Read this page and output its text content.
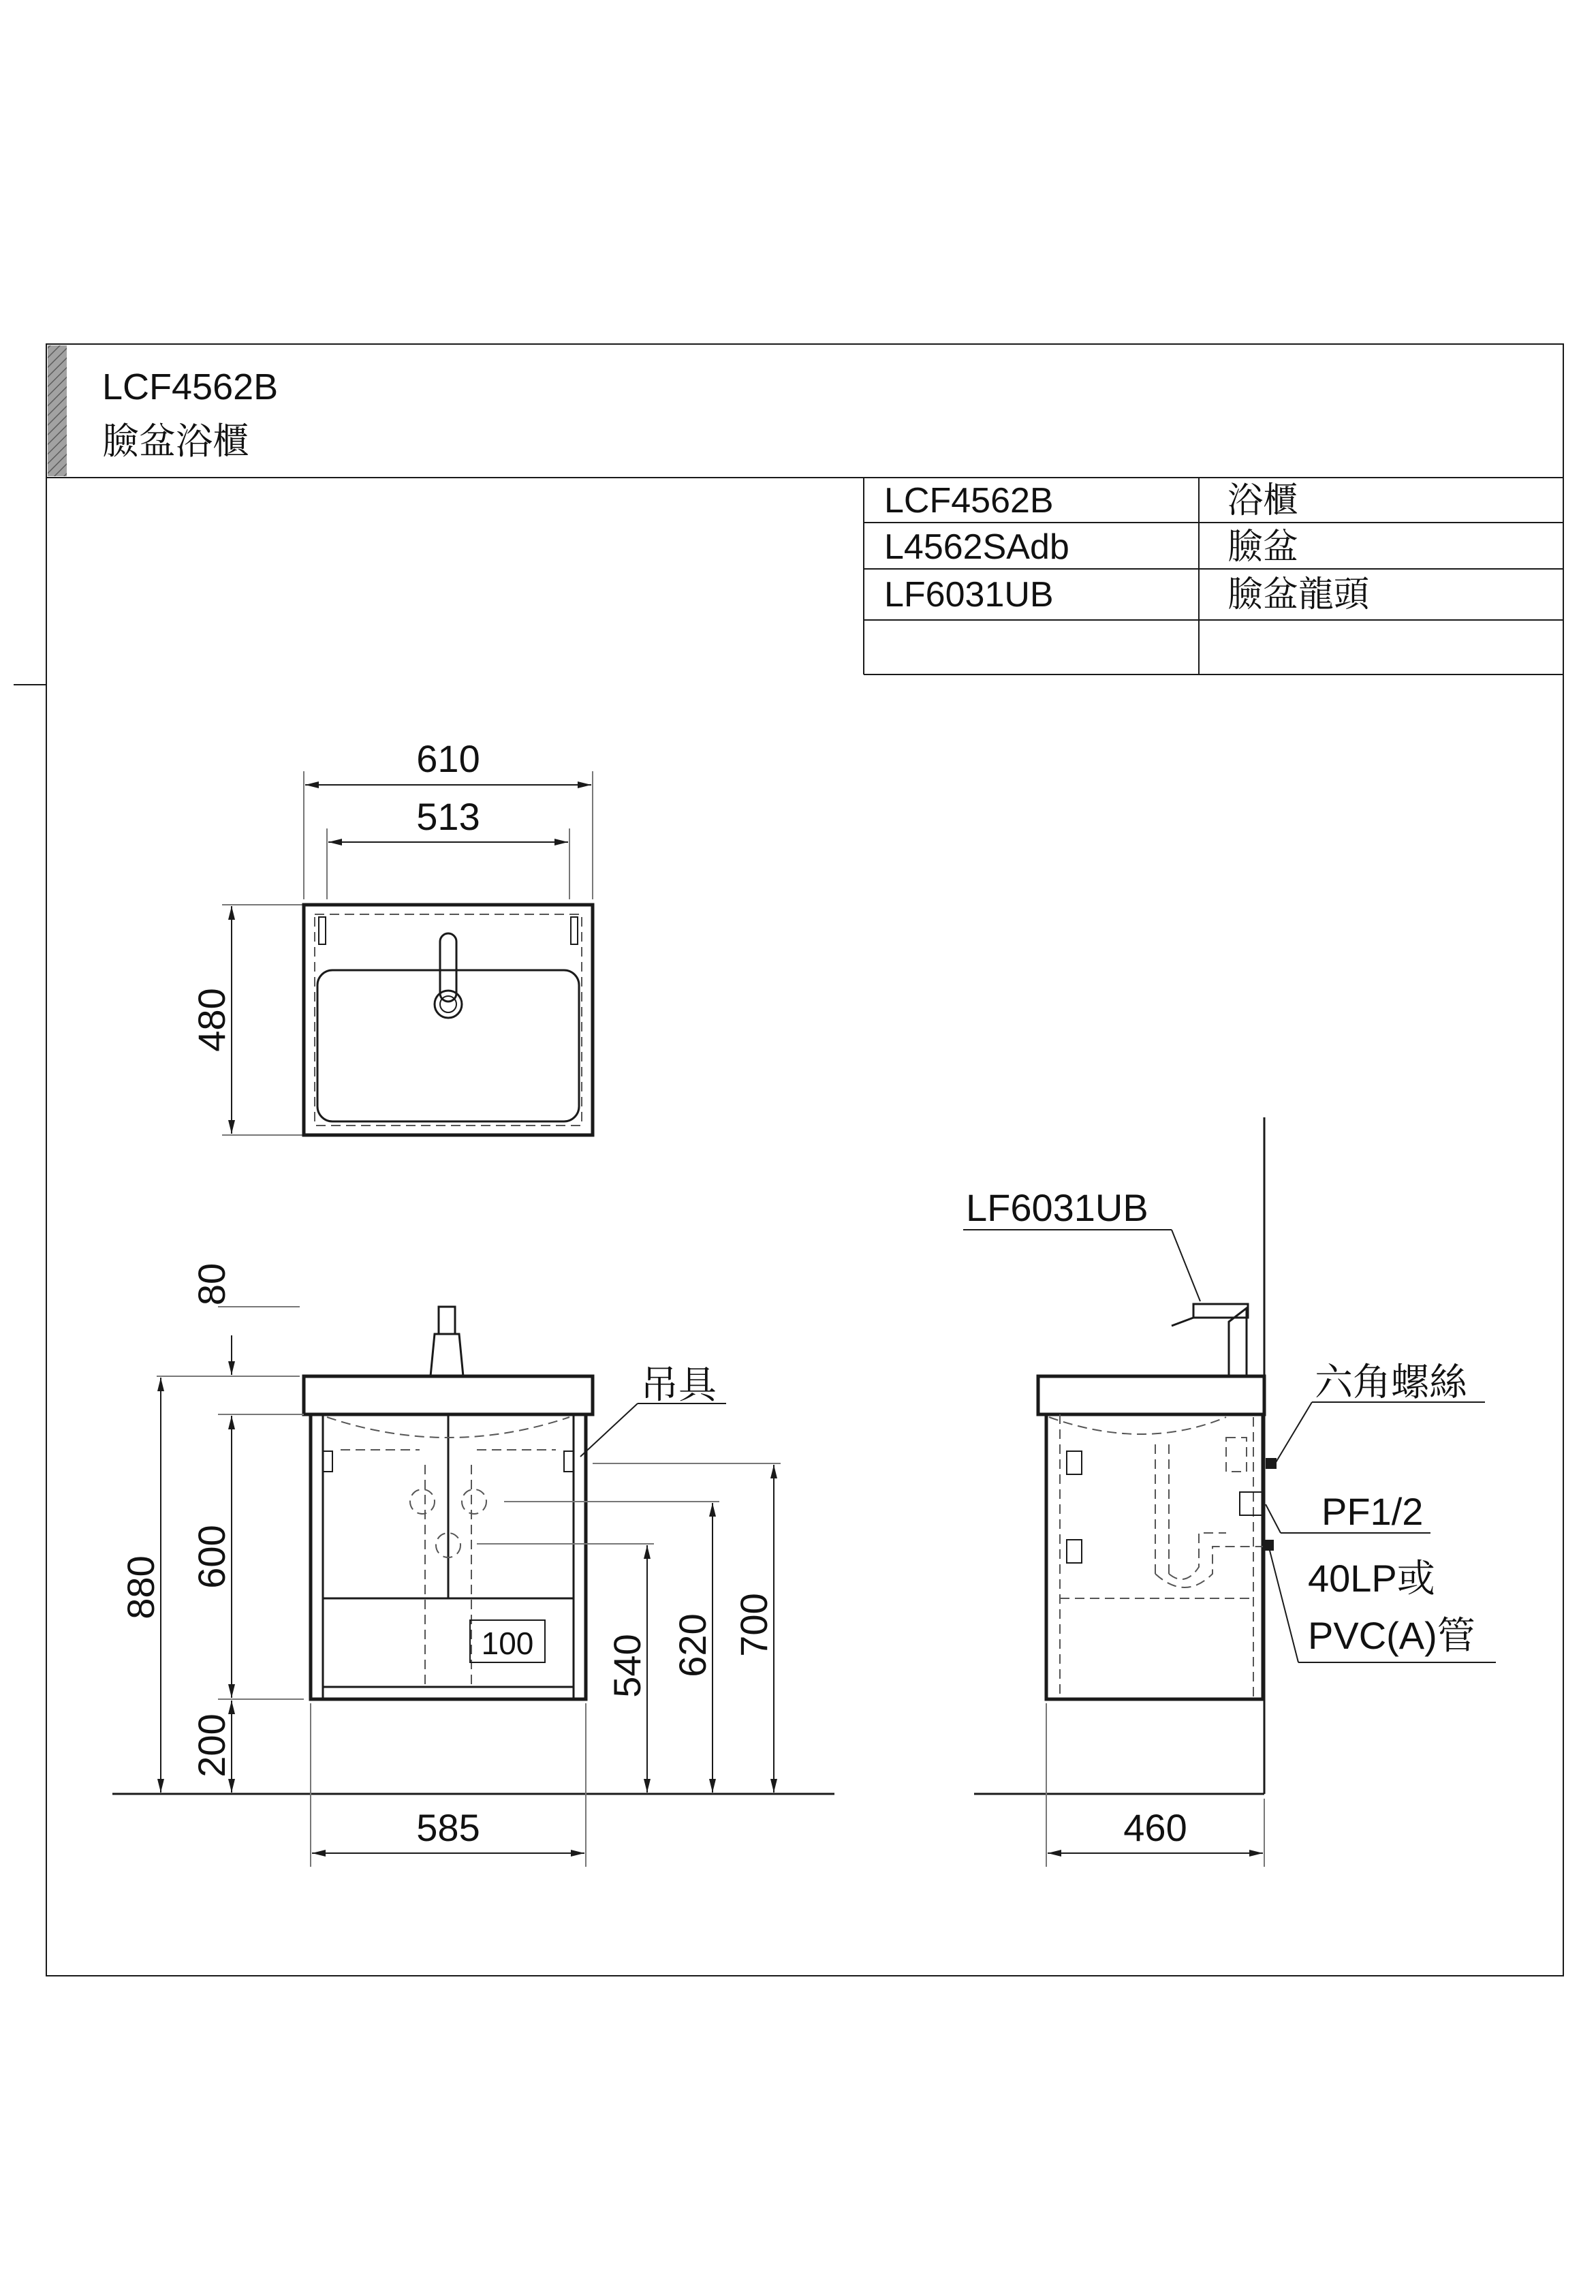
LCF4562B
臉盆浴櫃
LCF4562B	浴櫃
L4562SAdb	臉盆
LF6031UB	臉盆龍頭
610
513
480
100
吊具
80
880 600
200
540 620 700
585
LF6031UB
六角螺絲
PF1/2
40LP或
PVC(A)管
460
